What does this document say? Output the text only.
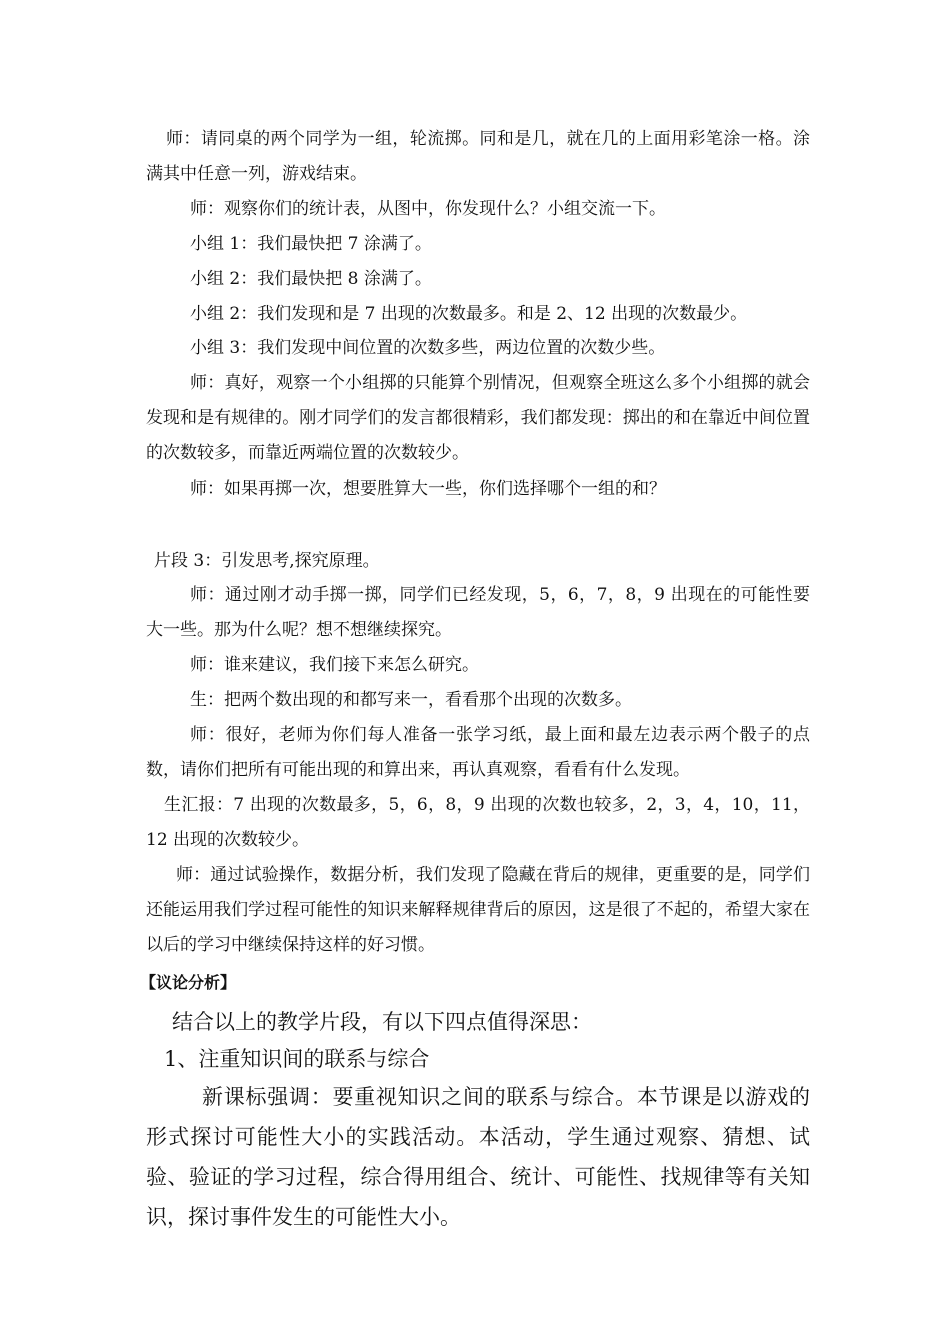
师：请同桌的两个同学为一组，轮流掷。同和是几，就在几的上面用彩笔涂一格。涂满其中任意一列，游戏结束。

师：观察你们的统计表，从图中，你发现什么？小组交流一下。

小组 1：我们最快把 7 涂满了。

小组 2：我们最快把 8 涂满了。

小组 2：我们发现和是 7 出现的次数最多。和是 2、12 出现的次数最少。

小组 3：我们发现中间位置的次数多些，两边位置的次数少些。

师：真好，观察一个小组掷的只能算个别情况，但观察全班这么多个小组掷的就会发现和是有规律的。刚才同学们的发言都很精彩，我们都发现：掷出的和在靠近中间位置的次数较多，而靠近两端位置的次数较少。

师：如果再掷一次，想要胜算大一些，你们选择哪个一组的和？

片段 3：引发思考,探究原理。

师：通过刚才动手掷一掷，同学们已经发现，5，6，7，8，9 出现在的可能性要大一些。那为什么呢？想不想继续探究。

师：谁来建议，我们接下来怎么研究。

生：把两个数出现的和都写来一，看看那个出现的次数多。

师：很好，老师为你们每人准备一张学习纸，最上面和最左边表示两个骰子的点数，请你们把所有可能出现的和算出来，再认真观察，看看有什么发现。

生汇报：7 出现的次数最多，5，6，8，9 出现的次数也较多，2，3，4，10，11，12 出现的次数较少。

师：通过试验操作，数据分析，我们发现了隐藏在背后的规律，更重要的是，同学们还能运用我们学过程可能性的知识来解释规律背后的原因，这是很了不起的，希望大家在以后的学习中继续保持这样的好习惯。

【议论分析】

结合以上的教学片段，有以下四点值得深思：

1、注重知识间的联系与综合

新课标强调：要重视知识之间的联系与综合。本节课是以游戏的形式探讨可能性大小的实践活动。本活动，学生通过观察、猜想、试验、验证的学习过程，综合得用组合、统计、可能性、找规律等有关知识，探讨事件发生的可能性大小。
